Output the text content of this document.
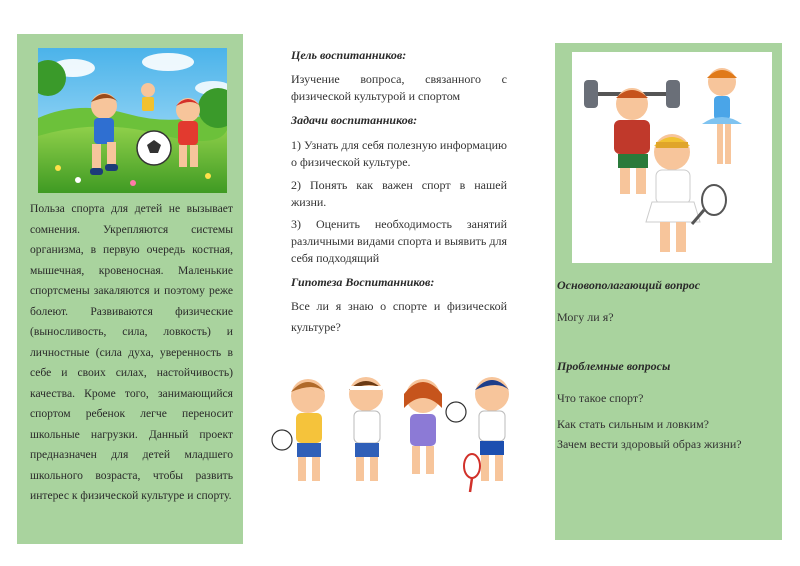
Польза спорта для детей не вызывает сомнения. Укрепляются системы организма, в первую очередь костная, мышечная, кровеносная. Маленькие спортсмены закаляются и поэтому реже болеют. Развиваются физические (выносливость, сила, ловкость) и личностные (сила духа, уверенность в себе и своих силах, настойчивость) качества. Кроме того, занимающийся спортом ребенок легче переносит школьные нагрузки. Данный проект предназначен для детей младшего школьного возраста, чтобы развить интерес к физической культуре и спорту.
Цель воспитанников:
Изучение вопроса, связанного с физической культурой и спортом
Задачи воспитанников:
1) Узнать для себя полезную информацию о физической культуре.
2) Понять как важен спорт в нашей жизни.
3) Оценить необходимость занятий различными видами спорта и выявить для себя подходящий
Гипотеза Воспитанников:
Все ли я знаю о спорте и физической культуре?
Основополагающий вопрос
Могу ли я?
Проблемные вопросы
Что такое спорт?
Как стать сильным и ловким?
Зачем вести здоровый образ жизни?
